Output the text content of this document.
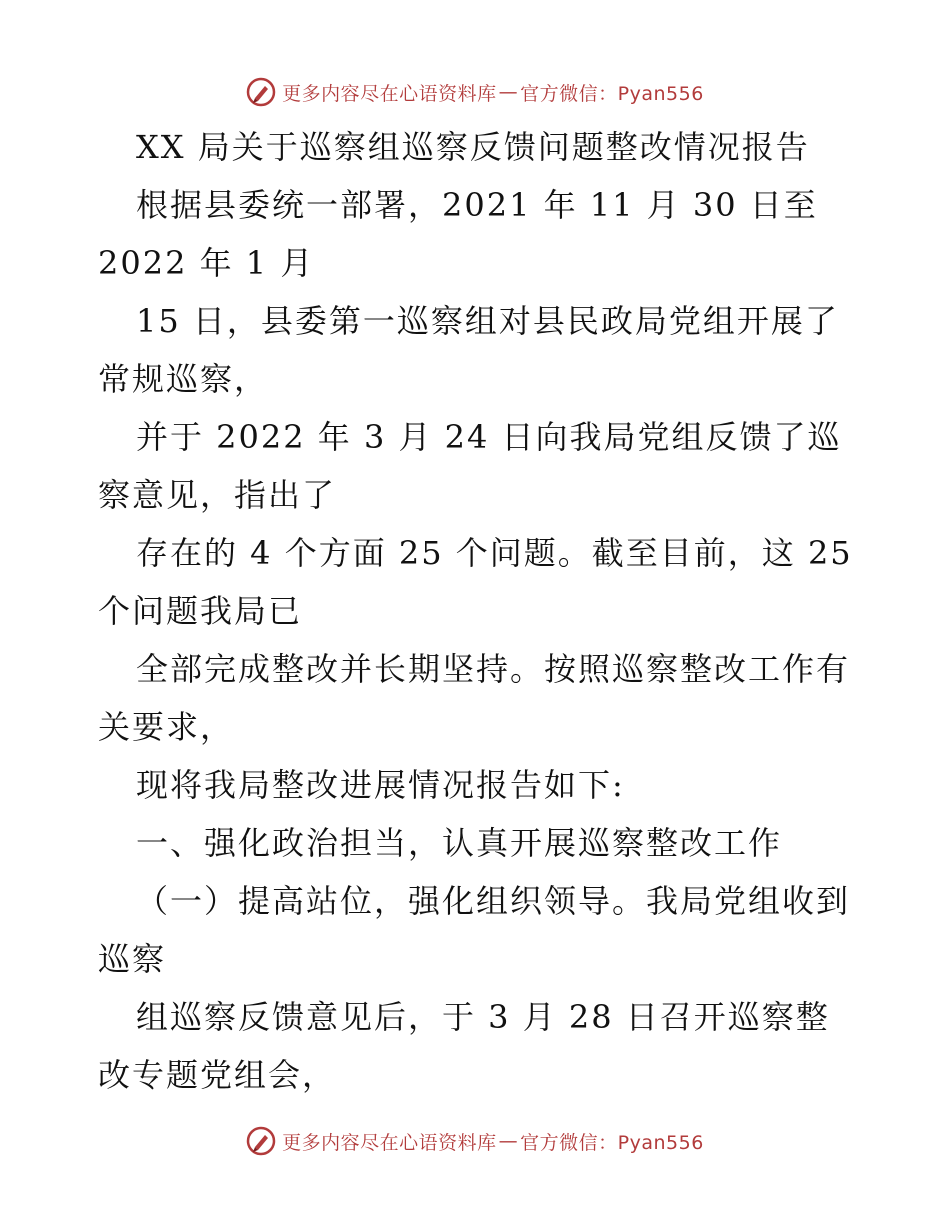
更多内容尽在心语资料库 — 官方微信：Pyan556
XX 局关于巡察组巡察反馈问题整改情况报告
根据县委统一部署，2021 年 11 月 30 日至
2022 年 1 月
15 日，县委第一巡察组对县民政局党组开展了
常规巡察，
并于 2022 年 3 月 24 日向我局党组反馈了巡
察意见，指出了
存在的 4 个方面 25 个问题。截至目前，这 25
个问题我局已
全部完成整改并长期坚持。按照巡察整改工作有
关要求，
现将我局整改进展情况报告如下:
一、强化政治担当，认真开展巡察整改工作
（一）提高站位，强化组织领导。我局党组收到
巡察
组巡察反馈意见后，于 3 月 28 日召开巡察整
改专题党组会，
更多内容尽在心语资料库 — 官方微信：Pyan556
